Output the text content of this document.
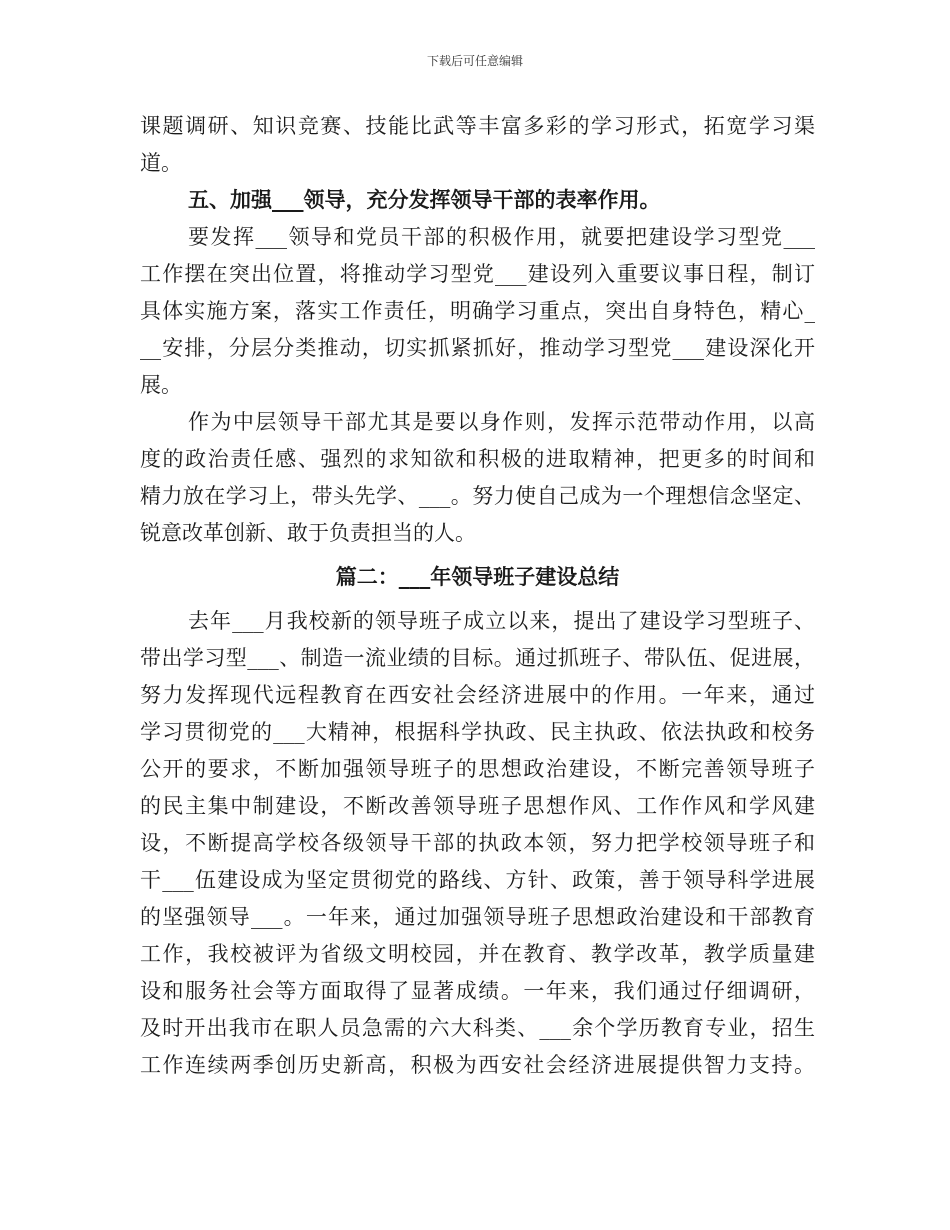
下载后可任意编辑
课题调研、知识竞赛、技能比武等丰富多彩的学习形式，拓宽学习渠
道。
五、加强___领导，充分发挥领导干部的表率作用。
要发挥___领导和党员干部的积极作用，就要把建设学习型党___
工作摆在突出位置，将推动学习型党___建设列入重要议事日程，制订
具体实施方案，落实工作责任，明确学习重点，突出自身特色，精心_
__安排，分层分类推动，切实抓紧抓好，推动学习型党___建设深化开
展。
作为中层领导干部尤其是要以身作则，发挥示范带动作用，以高
度的政治责任感、强烈的求知欲和积极的进取精神，把更多的时间和
精力放在学习上，带头先学、___。努力使自己成为一个理想信念坚定、
锐意改革创新、敢于负责担当的人。
篇二：___年领导班子建设总结
去年___月我校新的领导班子成立以来，提出了建设学习型班子、
带出学习型___、制造一流业绩的目标。通过抓班子、带队伍、促进展，
努力发挥现代远程教育在西安社会经济进展中的作用。一年来，通过
学习贯彻党的___大精神，根据科学执政、民主执政、依法执政和校务
公开的要求，不断加强领导班子的思想政治建设，不断完善领导班子
的民主集中制建设，不断改善领导班子思想作风、工作作风和学风建
设，不断提高学校各级领导干部的执政本领，努力把学校领导班子和
干___伍建设成为坚定贯彻党的路线、方针、政策，善于领导科学进展
的坚强领导___。一年来，通过加强领导班子思想政治建设和干部教育
工作，我校被评为省级文明校园，并在教育、教学改革，教学质量建
设和服务社会等方面取得了显著成绩。一年来，我们通过仔细调研，
及时开出我市在职人员急需的六大科类、___余个学历教育专业，招生
工作连续两季创历史新高，积极为西安社会经济进展提供智力支持。
